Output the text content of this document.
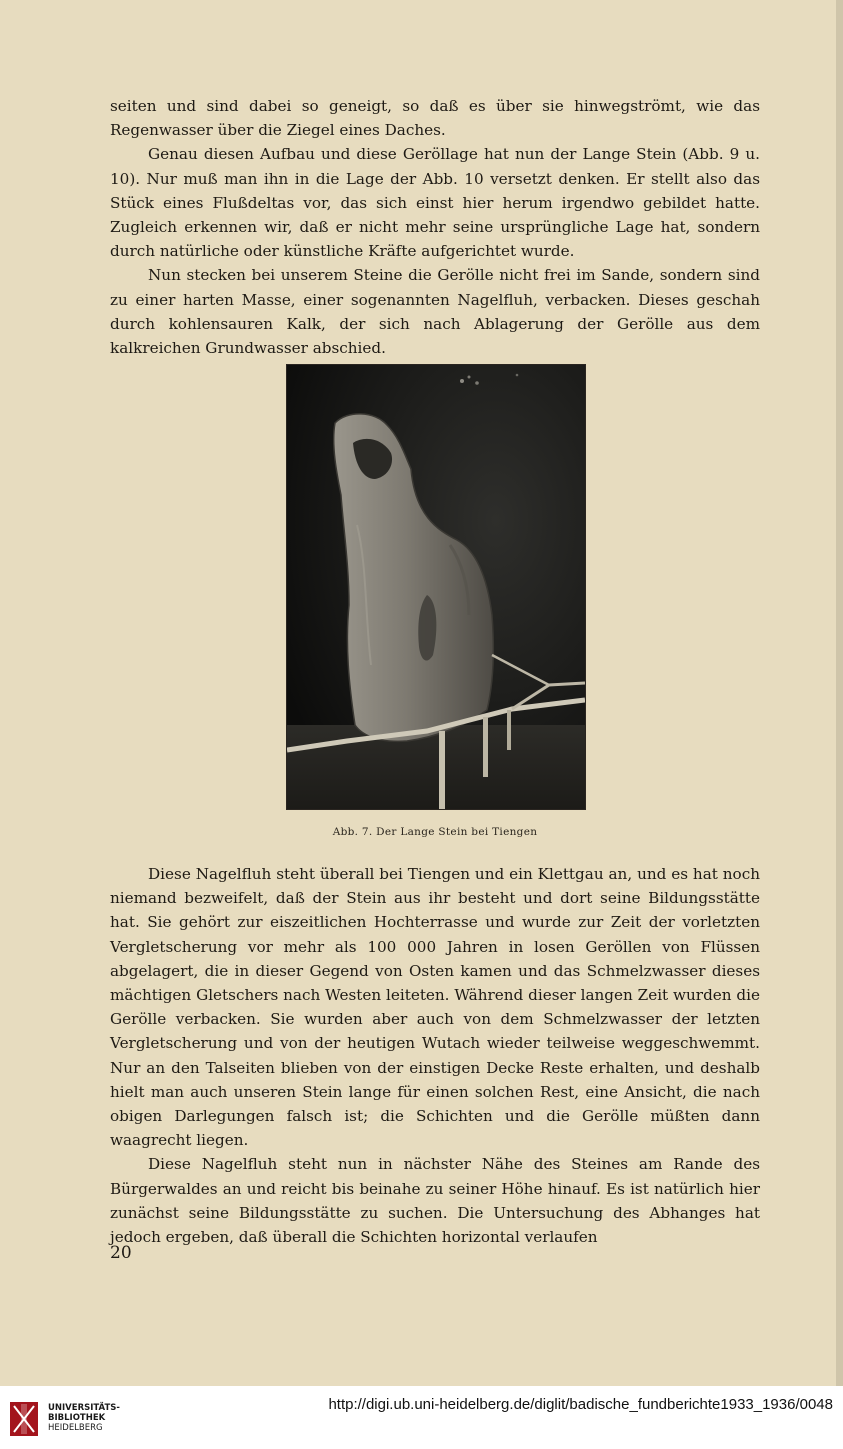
seiten und sind dabei so geneigt, so daß es über sie hinwegströmt, wie das Regenwasser über die Ziegel eines Daches.

Genau diesen Aufbau und diese Geröllage hat nun der Lange Stein (Abb. 9 u. 10). Nur muß man ihn in die Lage der Abb. 10 versetzt denken. Er stellt also das Stück eines Flußdeltas vor, das sich einst hier herum irgendwo gebildet hatte. Zugleich erkennen wir, daß er nicht mehr seine ursprüngliche Lage hat, sondern durch natürliche oder künstliche Kräfte aufgerichtet wurde.

Nun stecken bei unserem Steine die Gerölle nicht frei im Sande, sondern sind zu einer harten Masse, einer sogenannten Nagelfluh, verbacken. Dieses geschah durch kohlensauren Kalk, der sich nach Ablagerung der Gerölle aus dem kalkreichen Grundwasser abschied.

Abb. 7. Der Lange Stein bei Tiengen

Diese Nagelfluh steht überall bei Tiengen und ein Klettgau an, und es hat noch niemand bezweifelt, daß der Stein aus ihr besteht und dort seine Bildungsstätte hat. Sie gehört zur eiszeitlichen Hochterrasse und wurde zur Zeit der vorletzten Vergletscherung vor mehr als 100 000 Jahren in losen Geröllen von Flüssen abgelagert, die in dieser Gegend von Osten kamen und das Schmelzwasser dieses mächtigen Gletschers nach Westen leiteten. Während dieser langen Zeit wurden die Gerölle verbacken. Sie wurden aber auch von dem Schmelzwasser der letzten Vergletscherung und von der heutigen Wutach wieder teilweise weggeschwemmt. Nur an den Talseiten blieben von der einstigen Decke Reste erhalten, und deshalb hielt man auch unseren Stein lange für einen solchen Rest, eine Ansicht, die nach obigen Darlegungen falsch ist; die Schichten und die Gerölle müßten dann waagrecht liegen.

Diese Nagelfluh steht nun in nächster Nähe des Steines am Rande des Bürgerwaldes an und reicht bis beinahe zu seiner Höhe hinauf. Es ist natürlich hier zunächst seine Bildungsstätte zu suchen. Die Untersuchung des Abhanges hat jedoch ergeben, daß überall die Schichten horizontal verlaufen

20
UNIVERSITÄTS-
BIBLIOTHEK
HEIDELBERG
http://digi.ub.uni-heidelberg.de/diglit/badische_fundberichte1933_1936/0048
